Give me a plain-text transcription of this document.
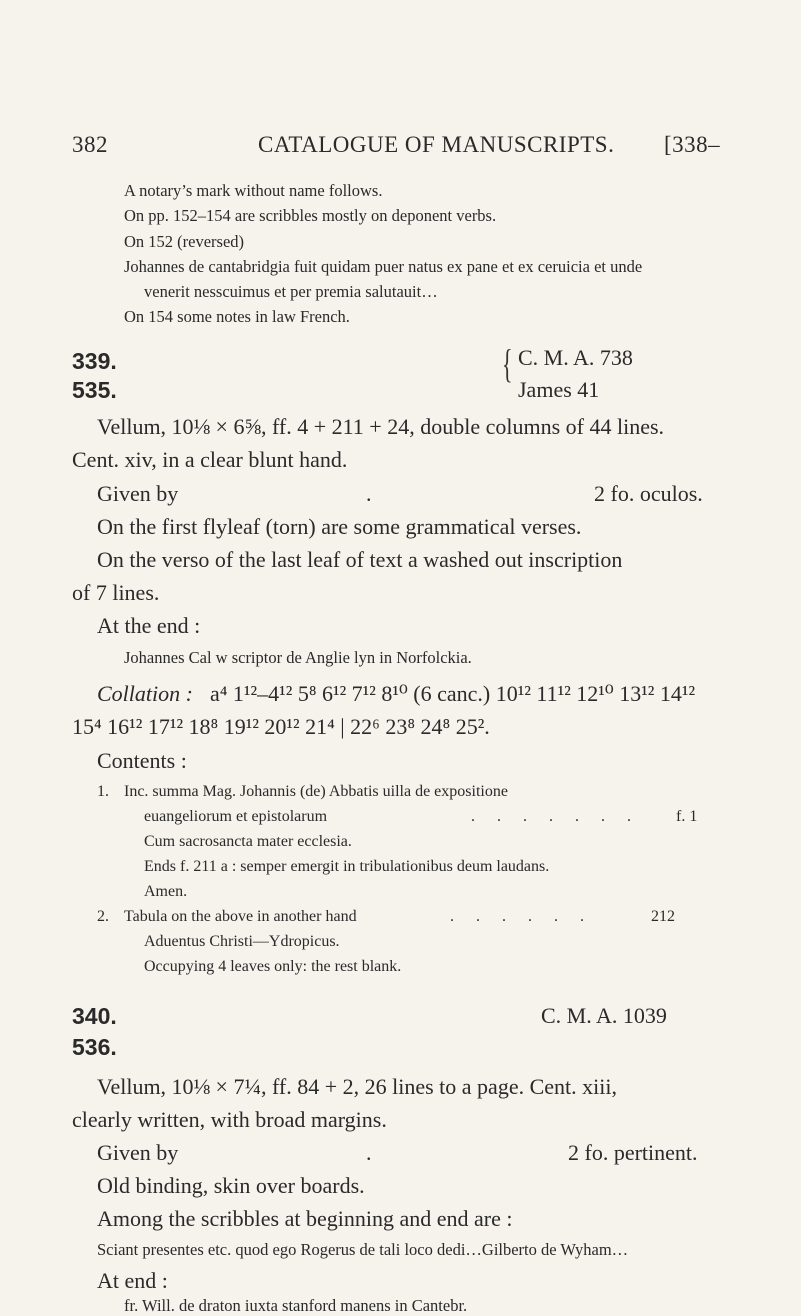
382	CATALOGUE OF MANUSCRIPTS. [338–
A notary’s mark without name follows.
On pp. 152–154 are scribbles mostly on deponent verbs.
On 152 (reversed)
Johannes de cantabridgia fuit quidam puer natus ex pane et ex ceruicia et unde
venerit nesscuimus et per premia salutauit…
On 154 some notes in law French.
339.
535.
{ C. M. A. 738
James 41
Vellum, 10⅛ × 6⅝, ff. 4 + 211 + 24, double columns of 44 lines.
Cent. xiv, in a clear blunt hand.
Given by	.	2 fo. oculos.
On the first flyleaf (torn) are some grammatical verses.
On the verso of the last leaf of text a washed out inscription
of 7 lines.
At the end :
Johannes Cal w scriptor de Anglie lyn in Norfolckia.
Collation : a⁴ 1¹²–4¹² 5⁸ 6¹² 7¹² 8¹⁰ (6 canc.) 10¹² 11¹² 12¹⁰ 13¹² 14¹²
15⁴ 16¹² 17¹² 18⁸ 19¹² 20¹² 21⁴ | 22⁶ 23⁸ 24⁸ 25².
Contents :
1. Inc. summa Mag. Johannis (de) Abbatis uilla de expositione
euangeliorum et epistolarum	. . . . . . . f. 1
Cum sacrosancta mater ecclesia.
Ends f. 211 a : semper emergit in tribulationibus deum laudans.
Amen.
2. Tabula on the above in another hand	. . . . . .	212
Aduentus Christi—Ydropicus.
Occupying 4 leaves only: the rest blank.
340.
536.
C. M. A. 1039
Vellum, 10⅛ × 7¼, ff. 84 + 2, 26 lines to a page. Cent. xiii,
clearly written, with broad margins.
Given by	.	2 fo. pertinent.
Old binding, skin over boards.
Among the scribbles at beginning and end are :
Sciant presentes etc. quod ego Rogerus de tali loco dedi…Gilberto de Wyham…
At end :
fr. Will. de draton iuxta stanford manens in Cantebr.
